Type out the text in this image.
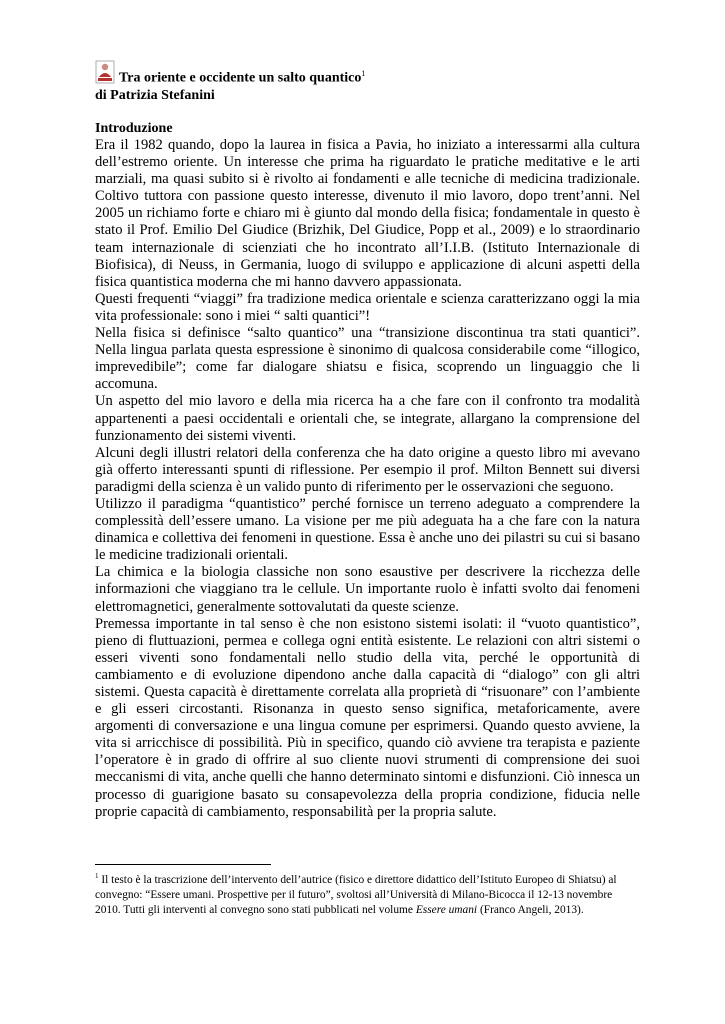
Tra oriente e occidente un salto quantico$^1$
di Patrizia Stefanini
Introduzione

Era il 1982 quando, dopo la laurea in fisica a Pavia, ho iniziato a interessarmi alla cultura dell’estremo oriente. Un interesse che prima ha riguardato le pratiche meditative e le arti marziali, ma quasi subito si è rivolto ai fondamenti e alle tecniche di medicina tradizionale. Coltivo tuttora con passione questo interesse, divenuto il mio lavoro, dopo trent’anni. Nel 2005 un richiamo forte e chiaro mi è giunto dal mondo della fisica; fondamentale in questo è stato il Prof. Emilio Del Giudice (Brizhik, Del Giudice, Popp et al., 2009) e lo straordinario team internazionale di scienziati che ho incontrato all’I.I.B. (Istituto Internazionale di Biofisica), di Neuss, in Germania, luogo di sviluppo e applicazione di alcuni aspetti della fisica quantistica moderna che mi hanno davvero appassionata.

Questi frequenti “viaggi” fra tradizione medica orientale e scienza caratterizzano oggi la mia vita professionale: sono i miei “ salti quantici”!

Nella fisica si definisce “salto quantico” una “transizione discontinua tra stati quantici”. Nella lingua parlata questa espressione è sinonimo di qualcosa considerabile come “illogico, imprevedibile”; come far dialogare shiatsu e fisica, scoprendo un linguaggio che li accomuna.

Un aspetto del mio lavoro e della mia ricerca ha a che fare con il confronto tra modalità appartenenti a paesi occidentali e orientali che, se integrate, allargano la comprensione del funzionamento dei sistemi viventi.

Alcuni degli illustri relatori della conferenza che ha dato origine a questo libro mi avevano già offerto interessanti spunti di riflessione. Per esempio il prof. Milton Bennett sui diversi paradigmi della scienza è un valido punto di riferimento per le osservazioni che seguono.

Utilizzo il paradigma “quantistico” perché fornisce un terreno adeguato a comprendere la complessità dell’essere umano. La visione per me più adeguata ha a che fare con la natura dinamica e collettiva dei fenomeni in questione. Essa è anche uno dei pilastri su cui si basano le medicine tradizionali orientali.

La chimica e la biologia classiche non sono esaustive per descrivere la ricchezza delle informazioni che viaggiano tra le cellule. Un importante ruolo è infatti svolto dai fenomeni elettromagnetici, generalmente sottovalutati da queste scienze.

Premessa importante in tal senso è che non esistono sistemi isolati: il “vuoto quantistico”, pieno di fluttuazioni, permea e collega ogni entità esistente. Le relazioni con altri sistemi o esseri viventi sono fondamentali nello studio della vita, perché le opportunità di cambiamento e di evoluzione dipendono anche dalla capacità di “dialogo” con gli altri sistemi. Questa capacità è direttamente correlata alla proprietà di “risuonare” con l’ambiente e gli esseri circostanti. Risonanza in questo senso significa, metaforicamente, avere argomenti di conversazione e una lingua comune per esprimersi. Quando questo avviene, la vita si arricchisce di possibilità. Più in specifico, quando ciò avviene tra terapista e paziente l’operatore è in grado di offrire al suo cliente nuovi strumenti di comprensione dei suoi meccanismi di vita, anche quelli che hanno determinato sintomi e disfunzioni. Ciò innesca un processo di guarigione basato su consapevolezza della propria condizione, fiducia nelle proprie capacità di cambiamento, responsabilità per la propria salute.

$^1$ Il testo è la trascrizione dell’intervento dell’autrice (fisico e direttore didattico dell’Istituto Europeo di Shiatsu) al convegno: “Essere umani. Prospettive per il futuro”, svoltosi all’Università di Milano-Bicocca il 12-13 novembre 2010. Tutti gli interventi al convegno sono stati pubblicati nel volume Essere umani (Franco Angeli, 2013).
